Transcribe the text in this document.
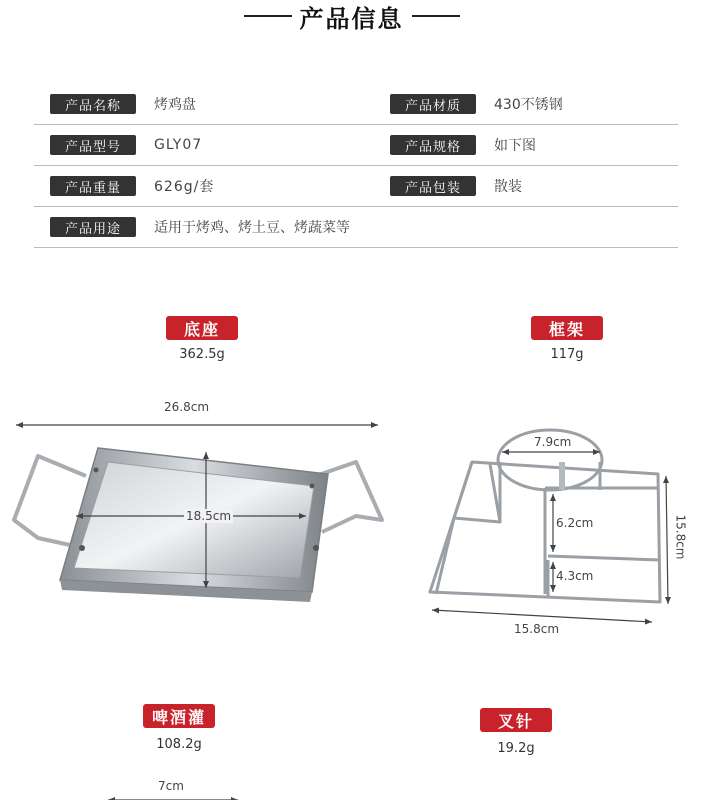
产品信息
产品名称	烤鸡盘	产品材质	430不锈钢
产品型号	GLY07	产品规格	如下图
产品重量	626g/套	产品包装	散装
产品用途	适用于烤鸡、烤土豆、烤蔬菜等
底座
362.5g
框架
117g
啤酒灌
108.2g
叉针
19.2g
26.8cm
18.5cm
7.9cm
6.2cm
4.3cm
15.8cm
15.8cm
7cm
